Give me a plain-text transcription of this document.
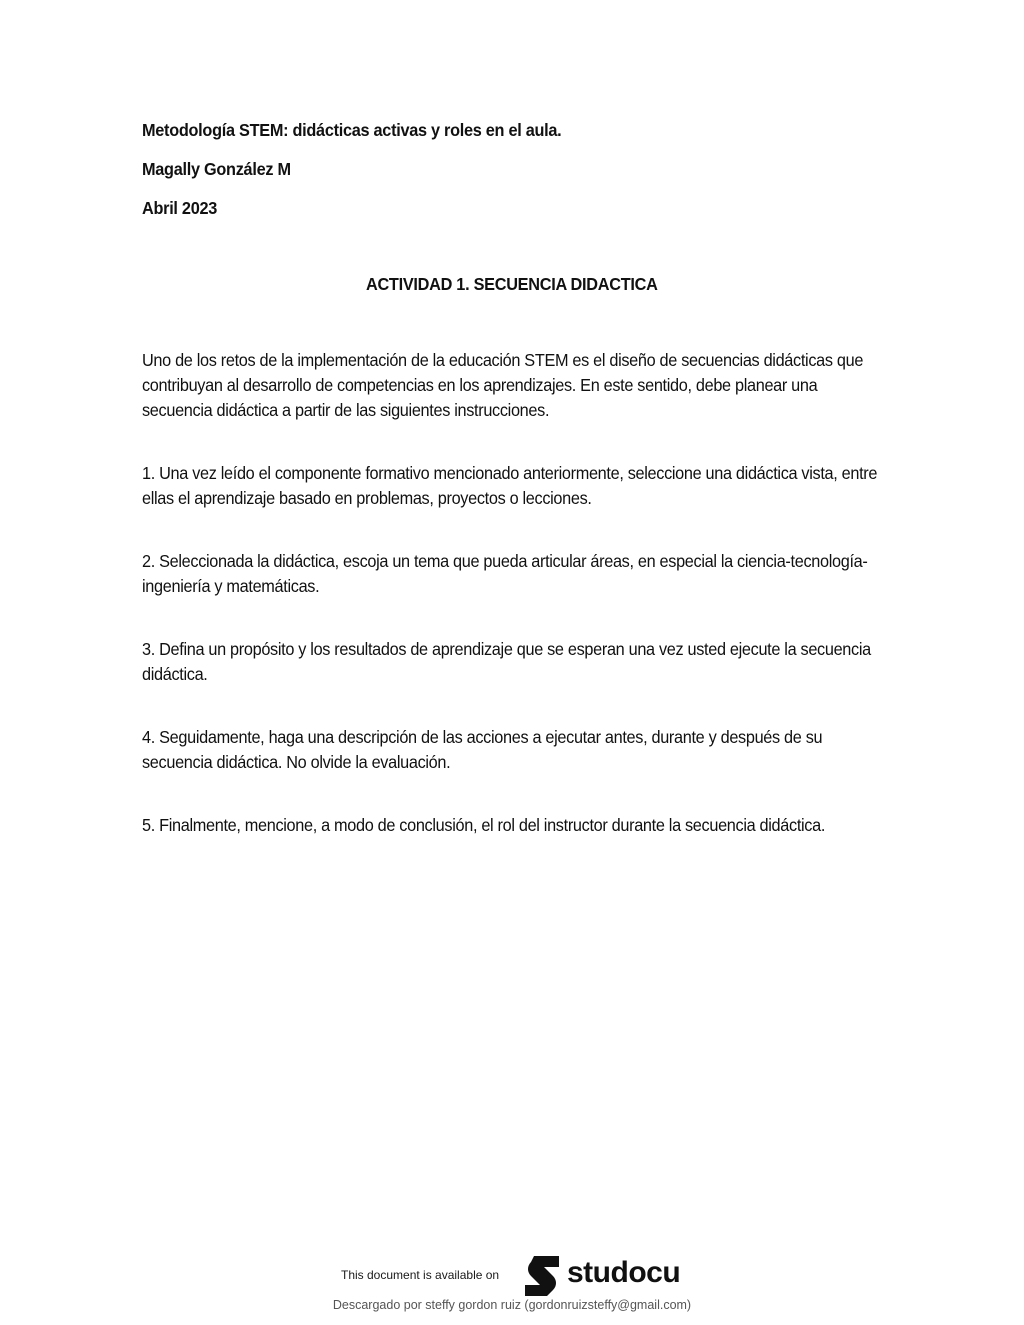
Metodología STEM: didácticas activas y roles en el aula.
Magally González M
Abril 2023
ACTIVIDAD 1. SECUENCIA DIDACTICA
Uno de los retos de la implementación de la educación STEM es el diseño de secuencias didácticas que contribuyan al desarrollo de competencias en los aprendizajes. En este sentido, debe planear una secuencia didáctica a partir de las siguientes instrucciones.
1. Una vez leído el componente formativo mencionado anteriormente, seleccione una didáctica vista, entre ellas el aprendizaje basado en problemas, proyectos o lecciones.
2. Seleccionada la didáctica, escoja un tema que pueda articular áreas, en especial la ciencia-tecnología-ingeniería y matemáticas.
3. Defina un propósito y los resultados de aprendizaje que se esperan una vez usted ejecute la secuencia didáctica.
4. Seguidamente, haga una descripción de las acciones a ejecutar antes, durante y después de su secuencia didáctica. No olvide la evaluación.
5. Finalmente, mencione, a modo de conclusión, el rol del instructor durante la secuencia didáctica.
This document is available on studocu
Descargado por steffy gordon ruiz (gordonruizsteffy@gmail.com)
